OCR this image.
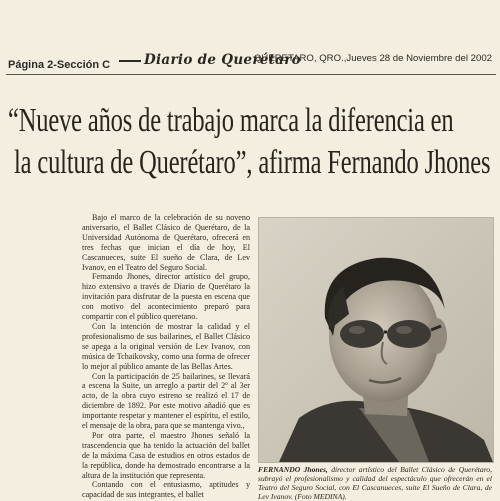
Página 2-Sección C	Diario de Querétaro
QUERETARO, QRO.,Jueves 28 de Noviembre del 2002
“Nueve años de trabajo marca la diferencia en
la cultura de Querétaro”, afirma Fernando Jhones

Bajo el marco de la celebración de su noveno aniversario, el Ballet Clásico de Querétaro, de la Universidad Autónoma de Querétaro, ofrecerá en tres fechas que inician el día de hoy, El Cascanueces, suite El sueño de Clara, de Lev Ivanov, en el Teatro del Seguro Social.

Fernando Jhones, director artístico del grupo, hizo extensivo a través de Diario de Querétaro la invitación para disfrutar de la puesta en escena que con motivo del acontecimiento preparó para compartir con el público queretano.

Con la intención de mostrar la calidad y el profesionalismo de sus bailarines, el Ballet Clásico se apega a la original versión de Lev Ivanov, con música de Tchaikovsky, como una forma de ofrecer lo mejor al público amante de las Bellas Artes.

Con la participación de 25 bailarines, se llevará a escena la Suite, un arreglo a partir del 2º al 3er acto, de la obra cuyo estreno se realizó el 17 de diciembre de 1892. Por este motivo añadió que es importante respetar y mantener el espíritu, el estilo, el mensaje de la obra, para que se mantenga vivo.,

Por otra parte, el maestro Jhones señaló la trascendencia que ha tenido la actuación del ballet de la máxima Casa de estudios en otros estados de la república, donde ha demostrado encontrarse a la altura de la institución que representa.

Contando con el entusiasmo, aptitudes y capacidad de sus integrantes, el ballet

FERNANDO Jhones, director artístico del Ballet Clásico de Querétaro, subrayó el profesionalismo y calidad del espectáculo que ofrecerán en el Teatro del Seguro Social, con El Cascanueces, suite El Sueño de Clara, de Lev Ivanov. (Foto MEDINA).
